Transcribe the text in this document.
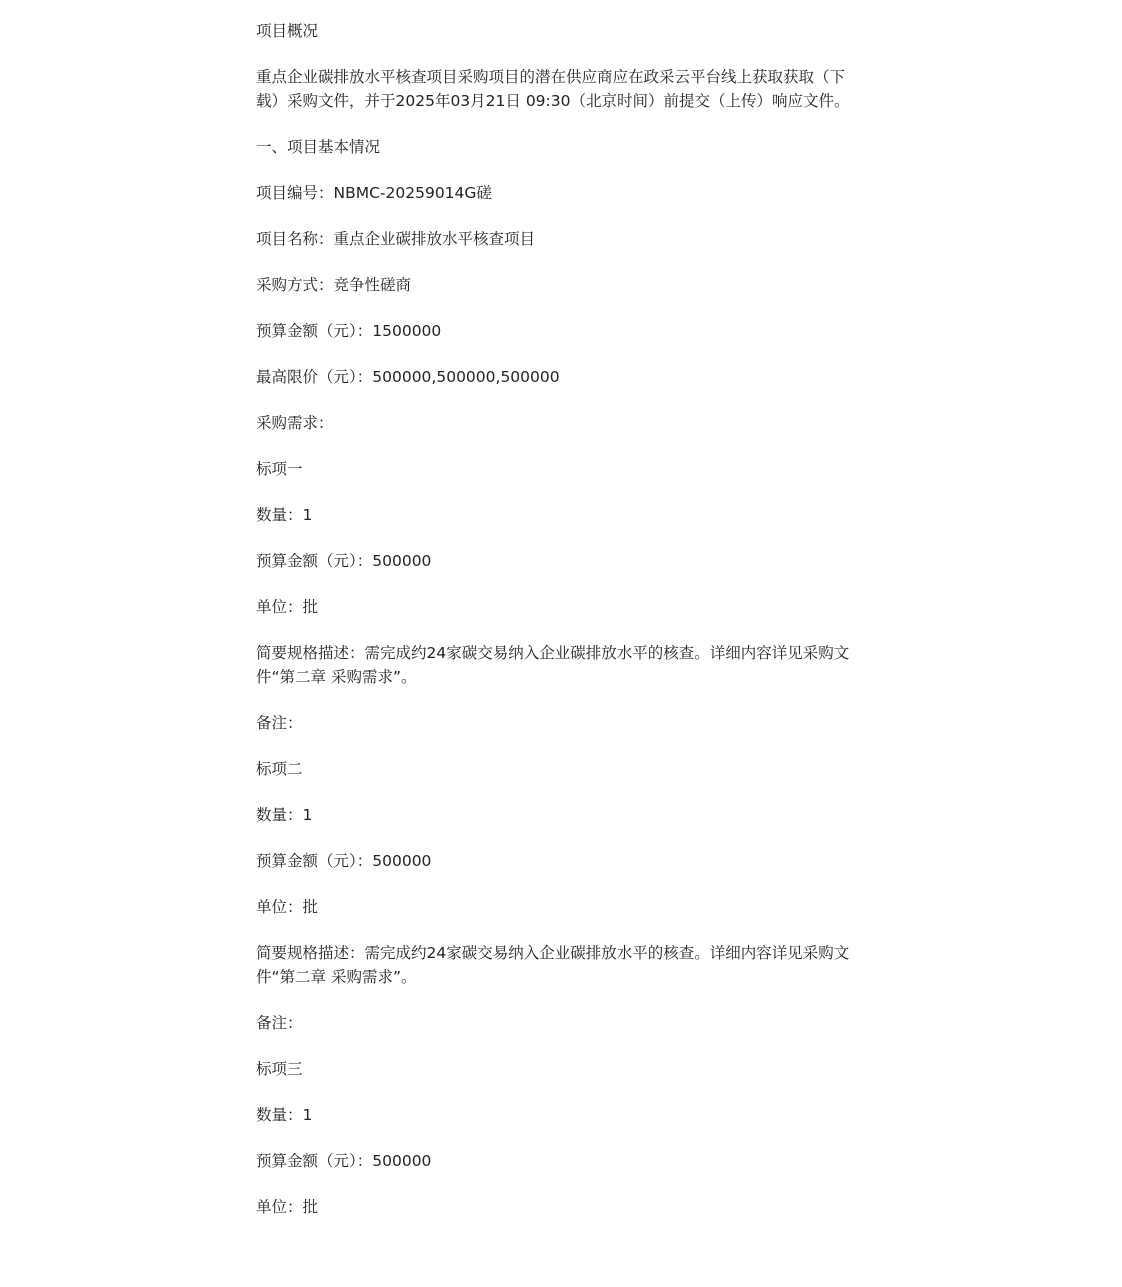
项目概况

重点企业碳排放水平核查项目采购项目的潜在供应商应在政采云平台线上获取获取（下载）采购文件，并于2025年03月21日 09:30（北京时间）前提交（上传）响应文件。

一、项目基本情况

项目编号：NBMC-20259014G磋

项目名称：重点企业碳排放水平核查项目

采购方式：竞争性磋商

预算金额（元）：1500000

最高限价（元）：500000,500000,500000

采购需求：

标项一

数量：1

预算金额（元）：500000

单位：批

简要规格描述：需完成约24家碳交易纳入企业碳排放水平的核查。详细内容详见采购文件“第二章 采购需求”。

备注：

标项二

数量：1

预算金额（元）：500000

单位：批

简要规格描述：需完成约24家碳交易纳入企业碳排放水平的核查。详细内容详见采购文件“第二章 采购需求”。

备注：

标项三

数量：1

预算金额（元）：500000

单位：批
